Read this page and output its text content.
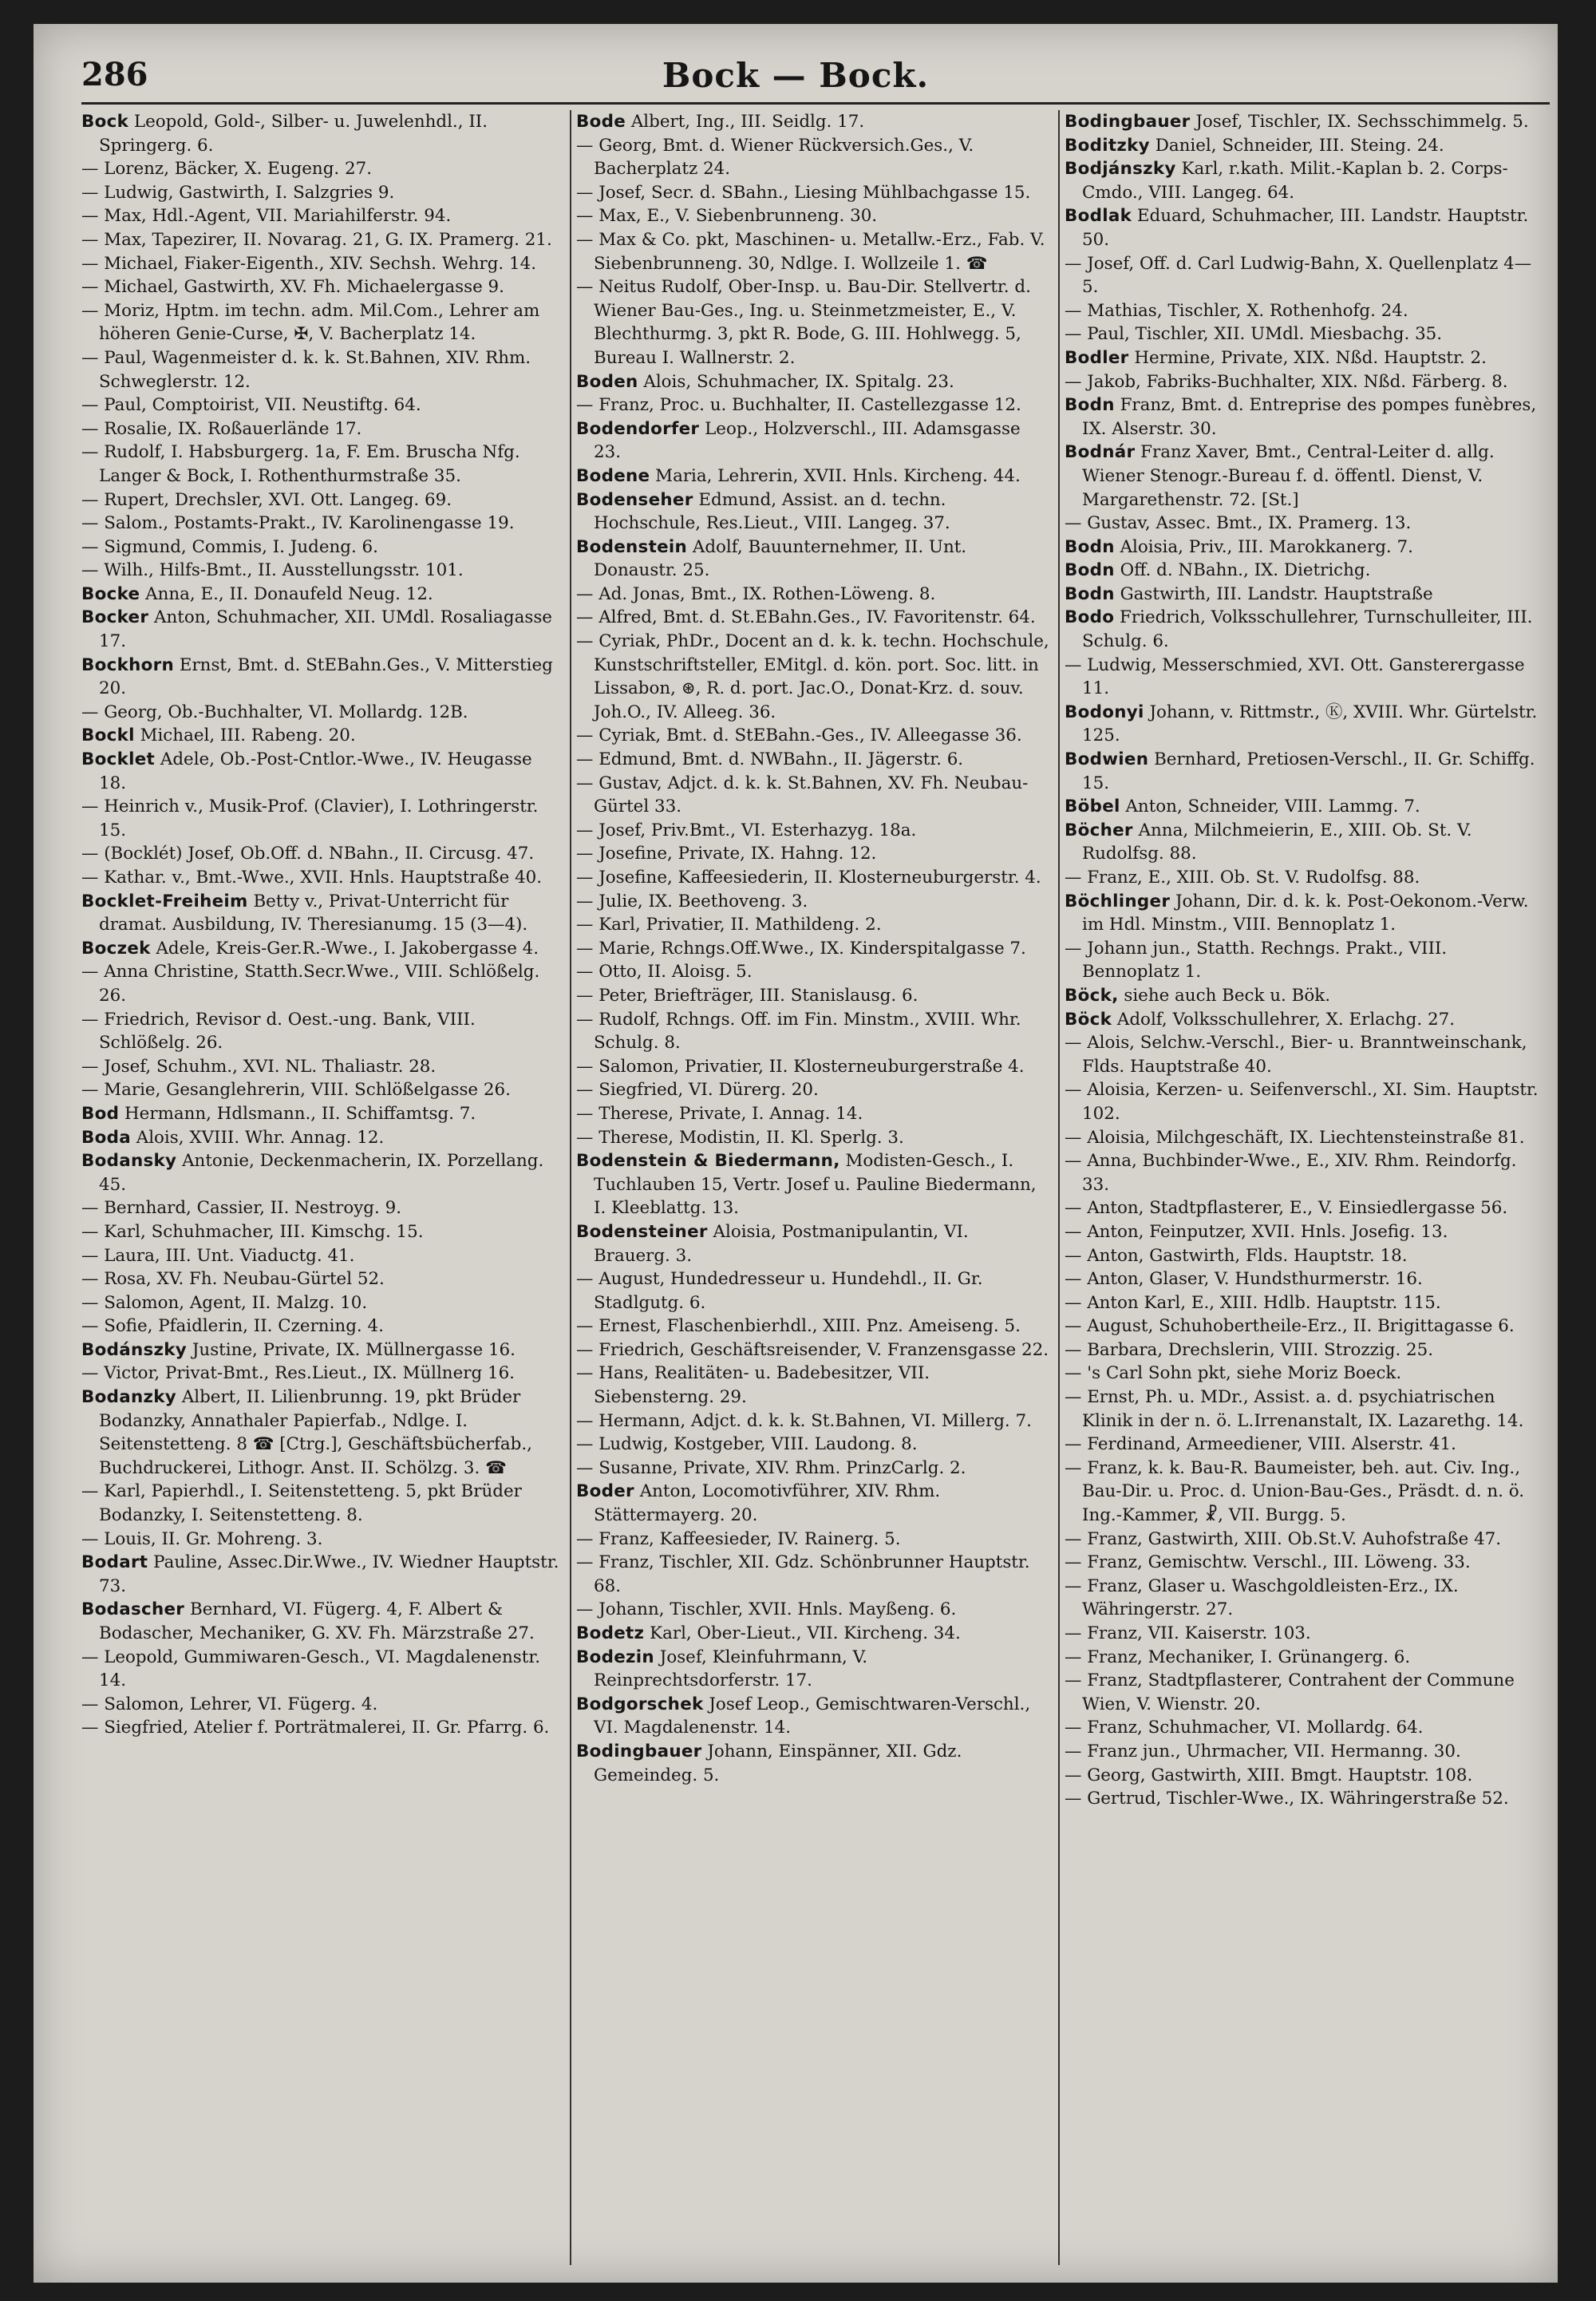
286	Bock — Bock.
Bock Leopold, Gold-, Silber- u. Juwelenhdl., II. Springerg. 6.
— Lorenz, Bäcker, X. Eugeng. 27.
— Ludwig, Gastwirth, I. Salzgries 9.
— Max, Hdl.-Agent, VII. Mariahilferstr. 94.
— Max, Tapezirer, II. Novarag. 21, G. IX. Pramerg. 21.
— Michael, Fiaker-Eigenth., XIV. Sechsh. Wehrg. 14.
— Michael, Gastwirth, XV. Fh. Michaelergasse 9.
— Moriz, Hptm. im techn. adm. Mil.Com., Lehrer am höheren Genie-Curse, ✠, V. Bacherplatz 14.
— Paul, Wagenmeister d. k. k. St.Bahnen, XIV. Rhm. Schweglerstr. 12.
— Paul, Comptoirist, VII. Neustiftg. 64.
— Rosalie, IX. Roßauerlände 17.
— Rudolf, I. Habsburgerg. 1a, F. Em. Bruscha Nfg. Langer & Bock, I. Rothenthurmstraße 35.
— Rupert, Drechsler, XVI. Ott. Langeg. 69.
— Salom., Postamts-Prakt., IV. Karolinengasse 19.
— Sigmund, Commis, I. Judeng. 6.
— Wilh., Hilfs-Bmt., II. Ausstellungsstr. 101.
Bocke Anna, E., II. Donaufeld Neug. 12.
Bocker Anton, Schuhmacher, XII. UMdl. Rosaliagasse 17.
Bockhorn Ernst, Bmt. d. StEBahn.Ges., V. Mitterstieg 20.
— Georg, Ob.-Buchhalter, VI. Mollardg. 12B.
Bockl Michael, III. Rabeng. 20.
Bocklet Adele, Ob.-Post-Cntlor.-Wwe., IV. Heugasse 18.
— Heinrich v., Musik-Prof. (Clavier), I. Lothringerstr. 15.
— (Bocklét) Josef, Ob.Off. d. NBahn., II. Circusg. 47.
— Kathar. v., Bmt.-Wwe., XVII. Hnls. Hauptstraße 40.
Bocklet-Freiheim Betty v., Privat-Unterricht für dramat. Ausbildung, IV. Theresianumg. 15 (3—4).
Boczek Adele, Kreis-Ger.R.-Wwe., I. Jakobergasse 4.
— Anna Christine, Statth.Secr.Wwe., VIII. Schlößelg. 26.
— Friedrich, Revisor d. Oest.-ung. Bank, VIII. Schlößelg. 26.
— Josef, Schuhm., XVI. NL. Thaliastr. 28.
— Marie, Gesanglehrerin, VIII. Schlößelgasse 26.
Bod Hermann, Hdlsmann., II. Schiffamtsg. 7.
Boda Alois, XVIII. Whr. Annag. 12.
Bodansky Antonie, Deckenmacherin, IX. Porzellang. 45.
— Bernhard, Cassier, II. Nestroyg. 9.
— Karl, Schuhmacher, III. Kimschg. 15.
— Laura, III. Unt. Viaductg. 41.
— Rosa, XV. Fh. Neubau-Gürtel 52.
— Salomon, Agent, II. Malzg. 10.
— Sofie, Pfaidlerin, II. Czerning. 4.
Bodánszky Justine, Private, IX. Müllnergasse 16.
— Victor, Privat-Bmt., Res.Lieut., IX. Müllnerg 16.
Bodanzky Albert, II. Lilienbrunng. 19, pkt Brüder Bodanzky, Annathaler Papierfab., Ndlge. I. Seitenstetteng. 8 ☎ [Ctrg.], Geschäftsbücherfab., Buchdruckerei, Lithogr. Anst. II. Schölzg. 3. ☎
— Karl, Papierhdl., I. Seitenstetteng. 5, pkt Brüder Bodanzky, I. Seitenstetteng. 8.
— Louis, II. Gr. Mohreng. 3.
Bodart Pauline, Assec.Dir.Wwe., IV. Wiedner Hauptstr. 73.
Bodascher Bernhard, VI. Fügerg. 4, F. Albert & Bodascher, Mechaniker, G. XV. Fh. Märzstraße 27.
— Leopold, Gummiwaren-Gesch., VI. Magdalenenstr. 14.
— Salomon, Lehrer, VI. Fügerg. 4.
— Siegfried, Atelier f. Porträtmalerei, II. Gr. Pfarrg. 6.
Bode Albert, Ing., III. Seidlg. 17.
— Georg, Bmt. d. Wiener Rückversich.Ges., V. Bacherplatz 24.
— Josef, Secr. d. SBahn., Liesing Mühlbachgasse 15.
— Max, E., V. Siebenbrunneng. 30.
— Max & Co. pkt, Maschinen- u. Metallw.-Erz., Fab. V. Siebenbrunneng. 30, Ndlge. I. Wollzeile 1. ☎
— Neitus Rudolf, Ober-Insp. u. Bau-Dir. Stellvertr. d. Wiener Bau-Ges., Ing. u. Steinmetzmeister, E., V. Blechthurmg. 3, pkt R. Bode, G. III. Hohlwegg. 5, Bureau I. Wallnerstr. 2.
Boden Alois, Schuhmacher, IX. Spitalg. 23.
— Franz, Proc. u. Buchhalter, II. Castellezgasse 12.
Bodendorfer Leop., Holzverschl., III. Adamsgasse 23.
Bodene Maria, Lehrerin, XVII. Hnls. Kircheng. 44.
Bodenseher Edmund, Assist. an d. techn. Hochschule, Res.Lieut., VIII. Langeg. 37.
Bodenstein Adolf, Bauunternehmer, II. Unt. Donaustr. 25.
— Ad. Jonas, Bmt., IX. Rothen-Löweng. 8.
— Alfred, Bmt. d. St.EBahn.Ges., IV. Favoritenstr. 64.
— Cyriak, PhDr., Docent an d. k. k. techn. Hochschule, Kunstschriftsteller, EMitgl. d. kön. port. Soc. litt. in Lissabon, ⊛, R. d. port. Jac.O., Donat-Krz. d. souv. Joh.O., IV. Alleeg. 36.
— Cyriak, Bmt. d. StEBahn.-Ges., IV. Alleegasse 36.
— Edmund, Bmt. d. NWBahn., II. Jägerstr. 6.
— Gustav, Adjct. d. k. k. St.Bahnen, XV. Fh. Neubau-Gürtel 33.
— Josef, Priv.Bmt., VI. Esterhazyg. 18a.
— Josefine, Private, IX. Hahng. 12.
— Josefine, Kaffeesiederin, II. Klosterneuburgerstr. 4.
— Julie, IX. Beethoveng. 3.
— Karl, Privatier, II. Mathildeng. 2.
— Marie, Rchngs.Off.Wwe., IX. Kinderspitalgasse 7.
— Otto, II. Aloisg. 5.
— Peter, Briefträger, III. Stanislausg. 6.
— Rudolf, Rchngs. Off. im Fin. Minstm., XVIII. Whr. Schulg. 8.
— Salomon, Privatier, II. Klosterneuburgerstraße 4.
— Siegfried, VI. Dürerg. 20.
— Therese, Private, I. Annag. 14.
— Therese, Modistin, II. Kl. Sperlg. 3.
Bodenstein & Biedermann, Modisten-Gesch., I. Tuchlauben 15, Vertr. Josef u. Pauline Biedermann, I. Kleeblattg. 13.
Bodensteiner Aloisia, Postmanipulantin, VI. Brauerg. 3.
— August, Hundedresseur u. Hundehdl., II. Gr. Stadlgutg. 6.
— Ernest, Flaschenbierhdl., XIII. Pnz. Ameiseng. 5.
— Friedrich, Geschäftsreisender, V. Franzensgasse 22.
— Hans, Realitäten- u. Badebesitzer, VII. Siebensterng. 29.
— Hermann, Adjct. d. k. k. St.Bahnen, VI. Millerg. 7.
— Ludwig, Kostgeber, VIII. Laudong. 8.
— Susanne, Private, XIV. Rhm. PrinzCarlg. 2.
Boder Anton, Locomotivführer, XIV. Rhm. Stättermayerg. 20.
— Franz, Kaffeesieder, IV. Rainerg. 5.
— Franz, Tischler, XII. Gdz. Schönbrunner Hauptstr. 68.
— Johann, Tischler, XVII. Hnls. Mayßeng. 6.
Bodetz Karl, Ober-Lieut., VII. Kircheng. 34.
Bodezin Josef, Kleinfuhrmann, V. Reinprechtsdorferstr. 17.
Bodgorschek Josef Leop., Gemischtwaren-Verschl., VI. Magdalenenstr. 14.
Bodingbauer Johann, Einspänner, XII. Gdz. Gemeindeg. 5.
Bodingbauer Josef, Tischler, IX. Sechsschimmelg. 5.
Boditzky Daniel, Schneider, III. Steing. 24.
Bodjánszky Karl, r.kath. Milit.-Kaplan b. 2. Corps-Cmdo., VIII. Langeg. 64.
Bodlak Eduard, Schuhmacher, III. Landstr. Hauptstr. 50.
— Josef, Off. d. Carl Ludwig-Bahn, X. Quellenplatz 4—5.
— Mathias, Tischler, X. Rothenhofg. 24.
— Paul, Tischler, XII. UMdl. Miesbachg. 35.
Bodler Hermine, Private, XIX. Nßd. Hauptstr. 2.
— Jakob, Fabriks-Buchhalter, XIX. Nßd. Färberg. 8.
Bodn Franz, Bmt. d. Entreprise des pompes funèbres, IX. Alserstr. 30.
Bodnár Franz Xaver, Bmt., Central-Leiter d. allg. Wiener Stenogr.-Bureau f. d. öffentl. Dienst, V. Margarethenstr. 72. [St.]
— Gustav, Assec. Bmt., IX. Pramerg. 13.
Bodn Aloisia, Priv., III. Marokkanerg. 7.
Bodn Off. d. NBahn., IX. Dietrichg.
Bodn Gastwirth, III. Landstr. Hauptstraße
Bodo Friedrich, Volksschullehrer, Turnschulleiter, III. Schulg. 6.
— Ludwig, Messerschmied, XVI. Ott. Gansterergasse 11.
Bodonyi Johann, v. Rittmstr., Ⓚ, XVIII. Whr. Gürtelstr. 125.
Bodwien Bernhard, Pretiosen-Verschl., II. Gr. Schiffg. 15.
Böbel Anton, Schneider, VIII. Lammg. 7.
Böcher Anna, Milchmeierin, E., XIII. Ob. St. V. Rudolfsg. 88.
— Franz, E., XIII. Ob. St. V. Rudolfsg. 88.
Böchlinger Johann, Dir. d. k. k. Post-Oekonom.-Verw. im Hdl. Minstm., VIII. Bennoplatz 1.
— Johann jun., Statth. Rechngs. Prakt., VIII. Bennoplatz 1.
Böck, siehe auch Beck u. Bök.
Böck Adolf, Volksschullehrer, X. Erlachg. 27.
— Alois, Selchw.-Verschl., Bier- u. Branntweinschank, Flds. Hauptstraße 40.
— Aloisia, Kerzen- u. Seifenverschl., XI. Sim. Hauptstr. 102.
— Aloisia, Milchgeschäft, IX. Liechtensteinstraße 81.
— Anna, Buchbinder-Wwe., E., XIV. Rhm. Reindorfg. 33.
— Anton, Stadtpflasterer, E., V. Einsiedlergasse 56.
— Anton, Feinputzer, XVII. Hnls. Josefig. 13.
— Anton, Gastwirth, Flds. Hauptstr. 18.
— Anton, Glaser, V. Hundsthurmerstr. 16.
— Anton Karl, E., XIII. Hdlb. Hauptstr. 115.
— August, Schuhobertheile-Erz., II. Brigittagasse 6.
— Barbara, Drechslerin, VIII. Strozzig. 25.
— 's Carl Sohn pkt, siehe Moriz Boeck.
— Ernst, Ph. u. MDr., Assist. a. d. psychiatrischen Klinik in der n. ö. L.Irrenanstalt, IX. Lazarethg. 14.
— Ferdinand, Armeediener, VIII. Alserstr. 41.
— Franz, k. k. Bau-R. Baumeister, beh. aut. Civ. Ing., Bau-Dir. u. Proc. d. Union-Bau-Ges., Präsdt. d. n. ö. Ing.-Kammer, ☧, VII. Burgg. 5.
— Franz, Gastwirth, XIII. Ob.St.V. Auhofstraße 47.
— Franz, Gemischtw. Verschl., III. Löweng. 33.
— Franz, Glaser u. Waschgoldleisten-Erz., IX. Währingerstr. 27.
— Franz, VII. Kaiserstr. 103.
— Franz, Mechaniker, I. Grünangerg. 6.
— Franz, Stadtpflasterer, Contrahent der Commune Wien, V. Wienstr. 20.
— Franz, Schuhmacher, VI. Mollardg. 64.
— Franz jun., Uhrmacher, VII. Hermanng. 30.
— Georg, Gastwirth, XIII. Bmgt. Hauptstr. 108.
— Gertrud, Tischler-Wwe., IX. Währingerstraße 52.
